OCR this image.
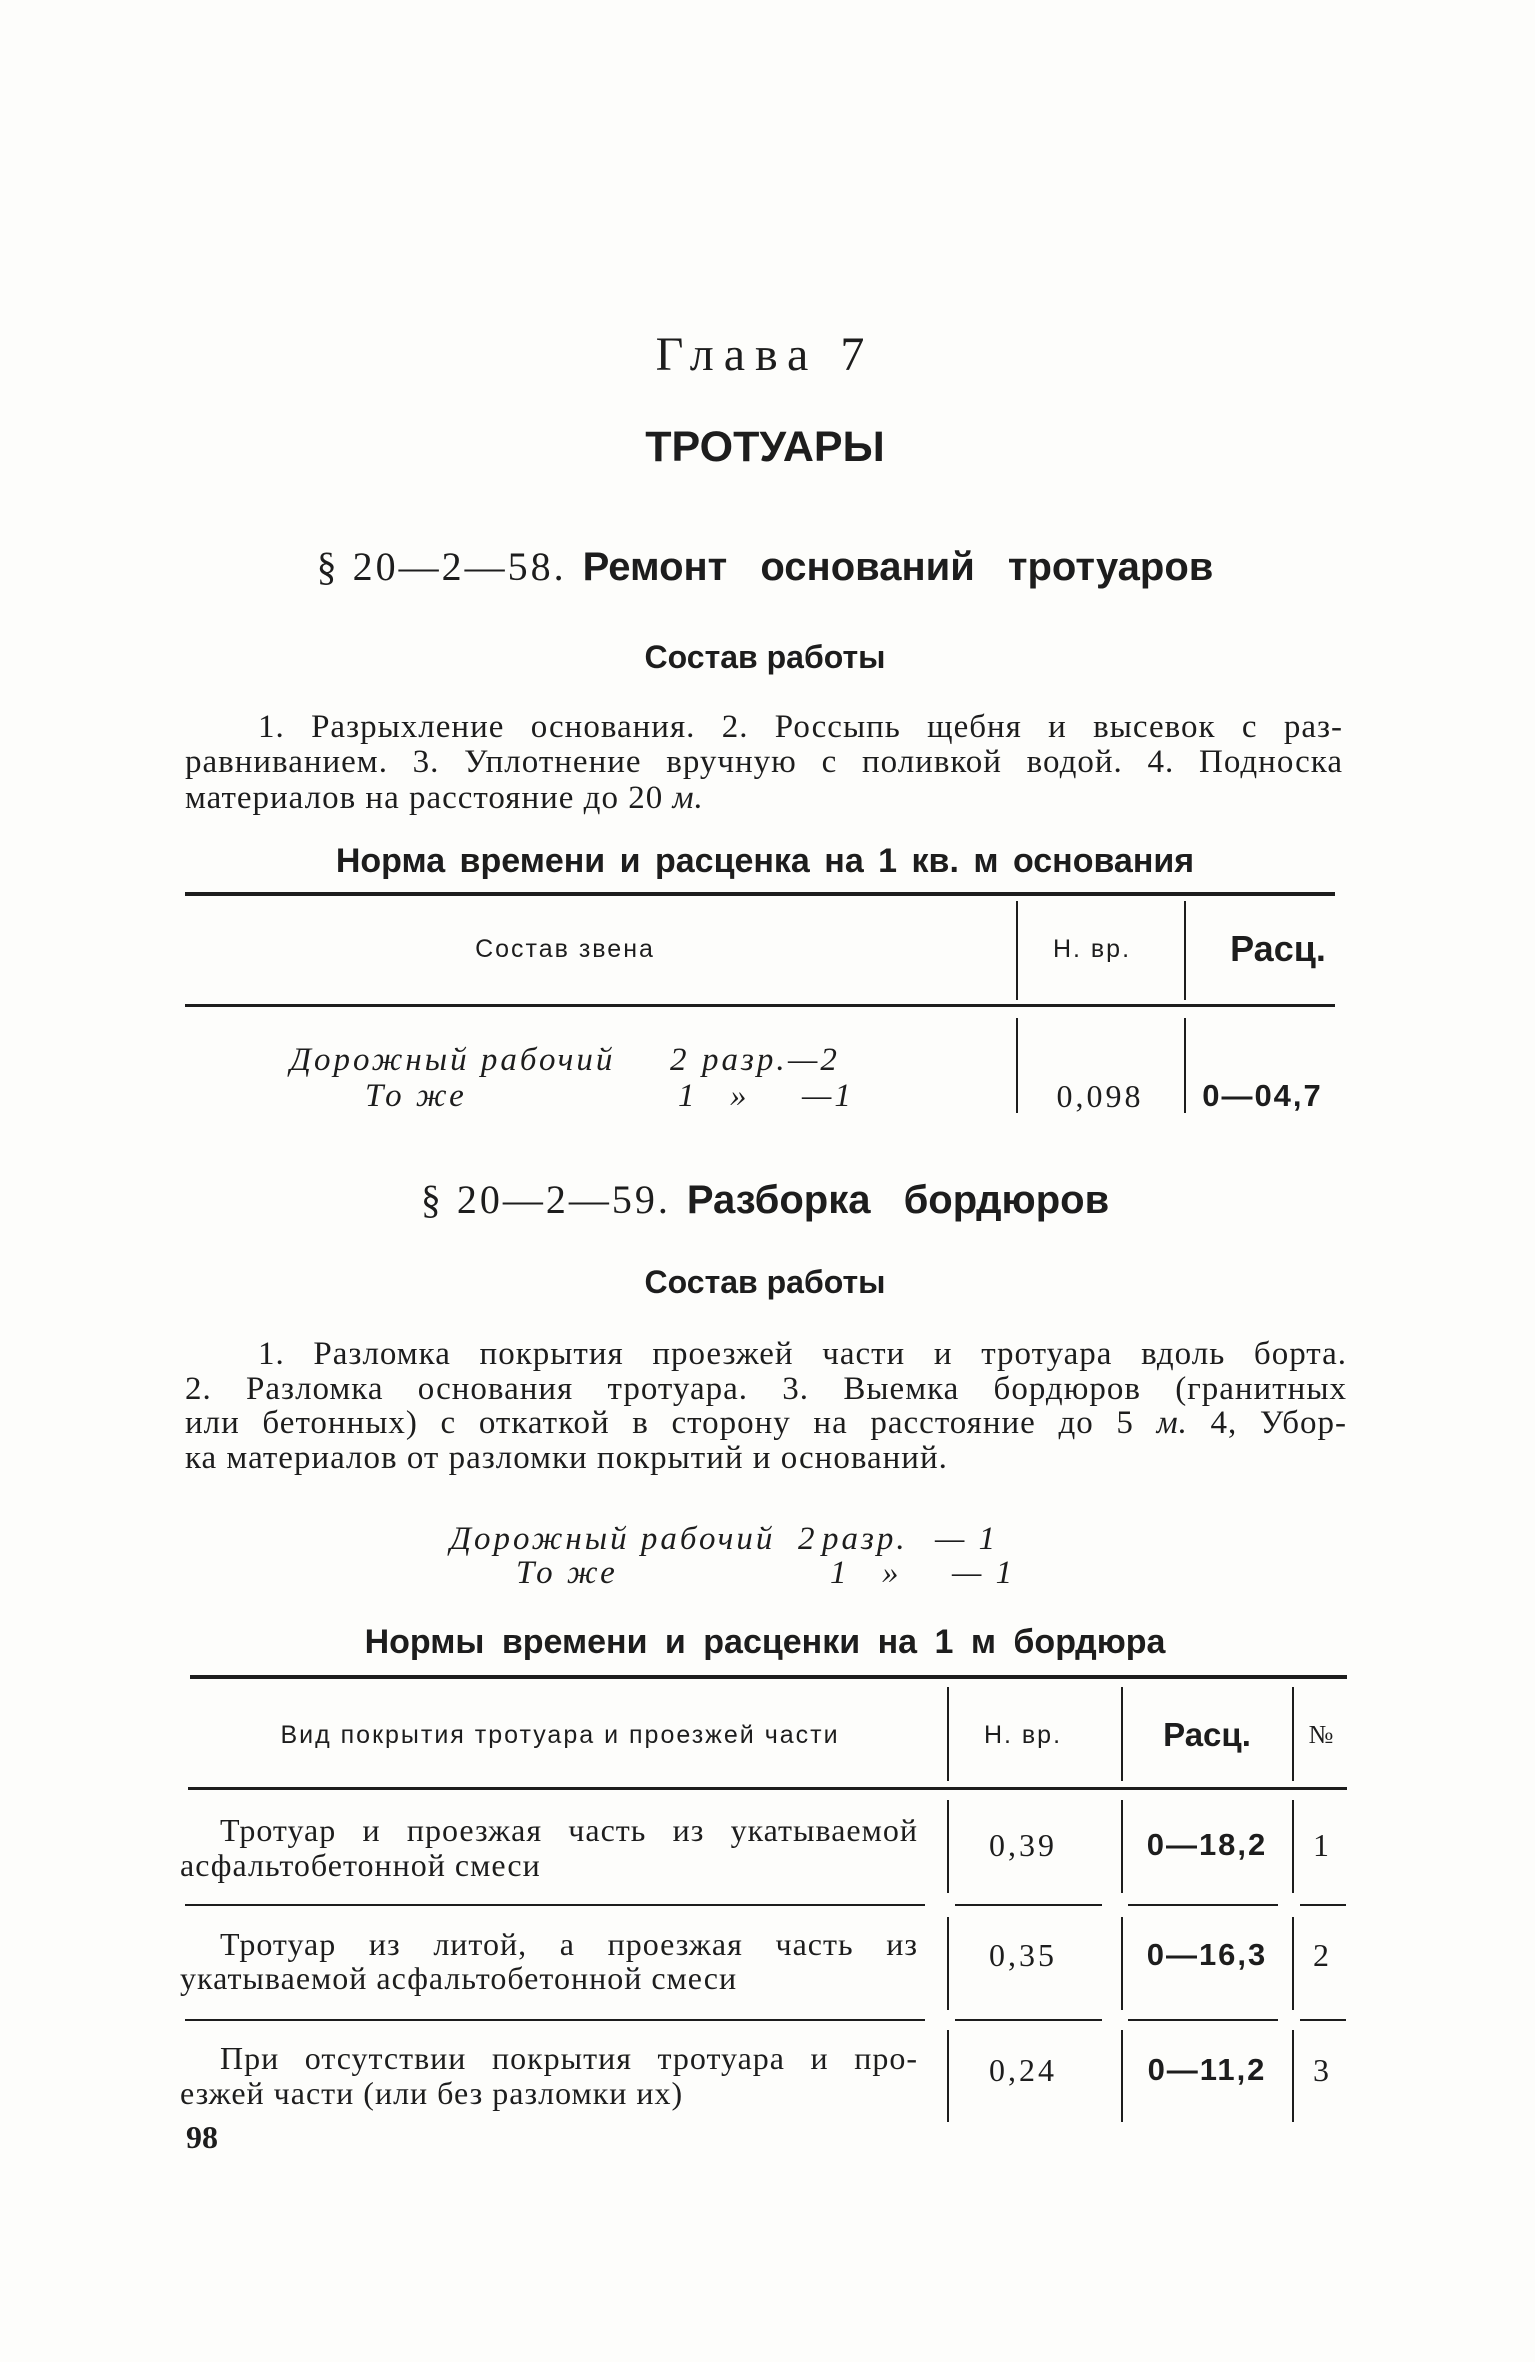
Глава 7
ТРОТУАРЫ
§ 20—2—58. Ремонт оснований тротуаров
Состав работы
1. Разрыхление основания. 2. Россыпь щебня и высевок с раз-
равниванием. 3. Уплотнение вручную с поливкой водой. 4. Подноска
материалов на расстояние до 20 м.
Норма времени и расценка на 1 кв. м основания
Состав звена	Н. вр.	Расц.
Дорожный рабочий 2 разр. —2
То же	1 » —1	0,098	0—04,7
§ 20—2—59. Разборка бордюров
Состав работы
1. Разломка покрытия проезжей части и тротуара вдоль борта.
2. Разломка основания тротуара. 3. Выемка бордюров (гранитных
или бетонных) с откаткой в сторону на расстояние до 5 м. 4, Убор-
ка материалов от разломки покрытий и оснований.
Дорожный рабочий 2 разр. — 1
То же	1 » — 1
Нормы времени и расценки на 1 м бордюра
Вид покрытия тротуара и проезжей части	Н. вр.	Расц.	№
Тротуар и проезжая часть из укатываемой
асфальтобетонной смеси
0,39	0—18,2	1
Тротуар из литой, а проезжая часть из
укатываемой асфальтобетонной смеси
0,35	0—16,3	2
При отсутствии покрытия тротуара и про-
езжей части (или без разломки их)
0,24	0—11,2	3
98
